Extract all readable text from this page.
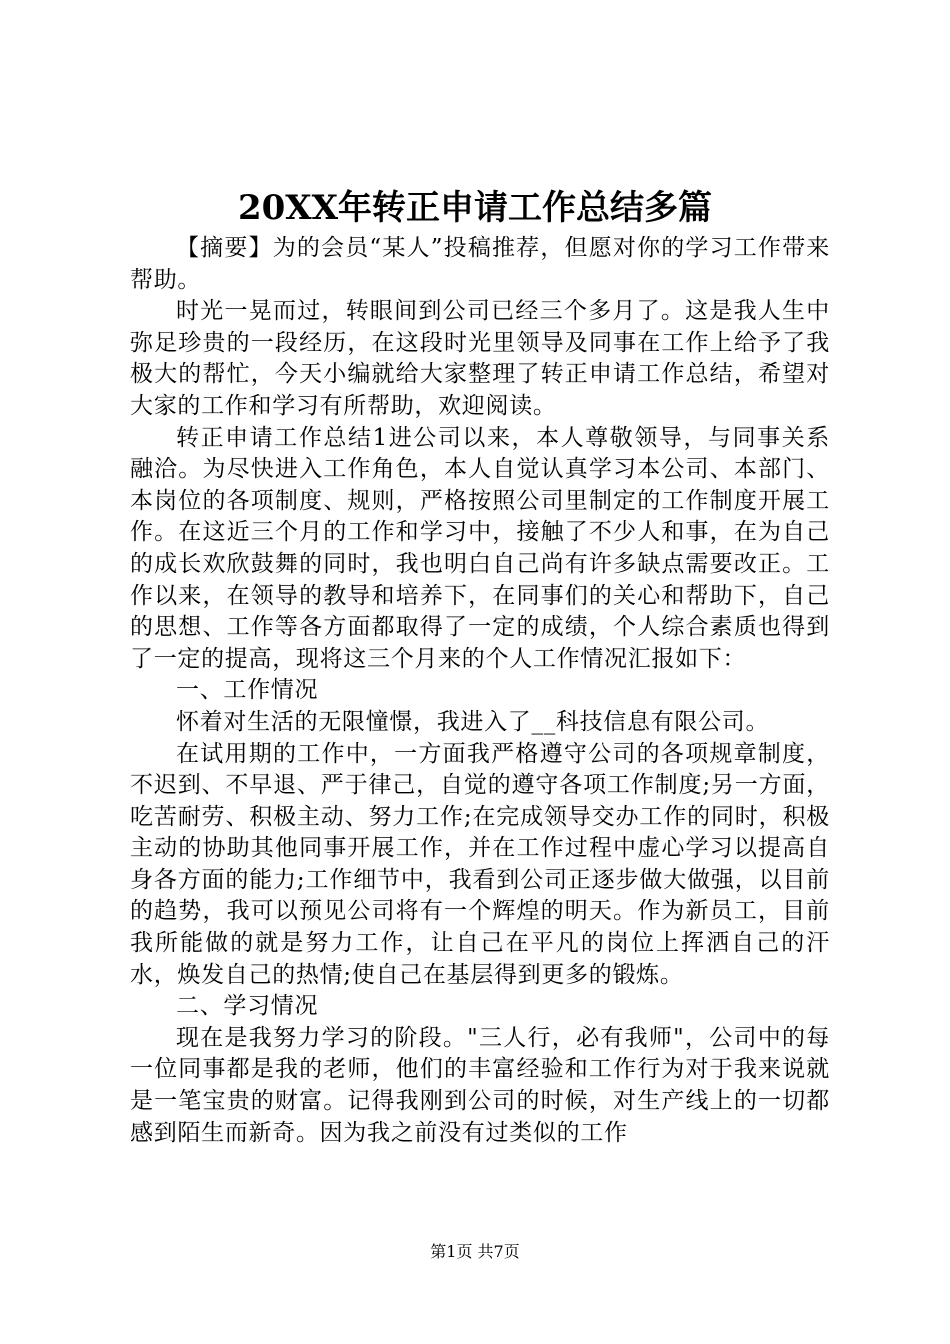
20XX年转正申请工作总结多篇

【摘要】为的会员“某人”投稿推荐，但愿对你的学习工作带来帮助。

时光一晃而过，转眼间到公司已经三个多月了。这是我人生中弥足珍贵的一段经历，在这段时光里领导及同事在工作上给予了我极大的帮忙，今天小编就给大家整理了转正申请工作总结，希望对大家的工作和学习有所帮助，欢迎阅读。

转正申请工作总结1进公司以来，本人尊敬领导，与同事关系融洽。为尽快进入工作角色，本人自觉认真学习本公司、本部门、本岗位的各项制度、规则，严格按照公司里制定的工作制度开展工作。在这近三个月的工作和学习中，接触了不少人和事，在为自己的成长欢欣鼓舞的同时，我也明白自己尚有许多缺点需要改正。工作以来，在领导的教导和培养下，在同事们的关心和帮助下，自己的思想、工作等各方面都取得了一定的成绩，个人综合素质也得到了一定的提高，现将这三个月来的个人工作情况汇报如下：

一、工作情况

怀着对生活的无限憧憬，我进入了__科技信息有限公司。

在试用期的工作中，一方面我严格遵守公司的各项规章制度，不迟到、不早退、严于律己，自觉的遵守各项工作制度;另一方面，吃苦耐劳、积极主动、努力工作;在完成领导交办工作的同时，积极主动的协助其他同事开展工作，并在工作过程中虚心学习以提高自身各方面的能力;工作细节中，我看到公司正逐步做大做强，以目前的趋势，我可以预见公司将有一个辉煌的明天。作为新员工，目前我所能做的就是努力工作，让自己在平凡的岗位上挥洒自己的汗水，焕发自己的热情;使自己在基层得到更多的锻炼。

二、学习情况

现在是我努力学习的阶段。"三人行，必有我师"，公司中的每一位同事都是我的老师，他们的丰富经验和工作行为对于我来说就是一笔宝贵的财富。记得我刚到公司的时候，对生产线上的一切都感到陌生而新奇。因为我之前没有过类似的工作

第1页 共7页
